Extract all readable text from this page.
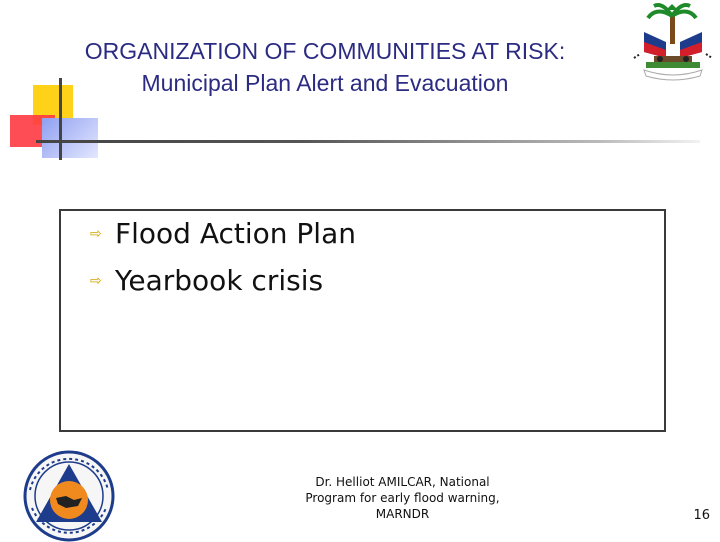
ORGANIZATION OF COMMUNITIES AT RISK:
Municipal Plan Alert and Evacuation
⇨ Flood Action Plan
⇨ Yearbook crisis
Dr. Helliot AMILCAR, National
Program for early flood warning,
MARNDR	16
